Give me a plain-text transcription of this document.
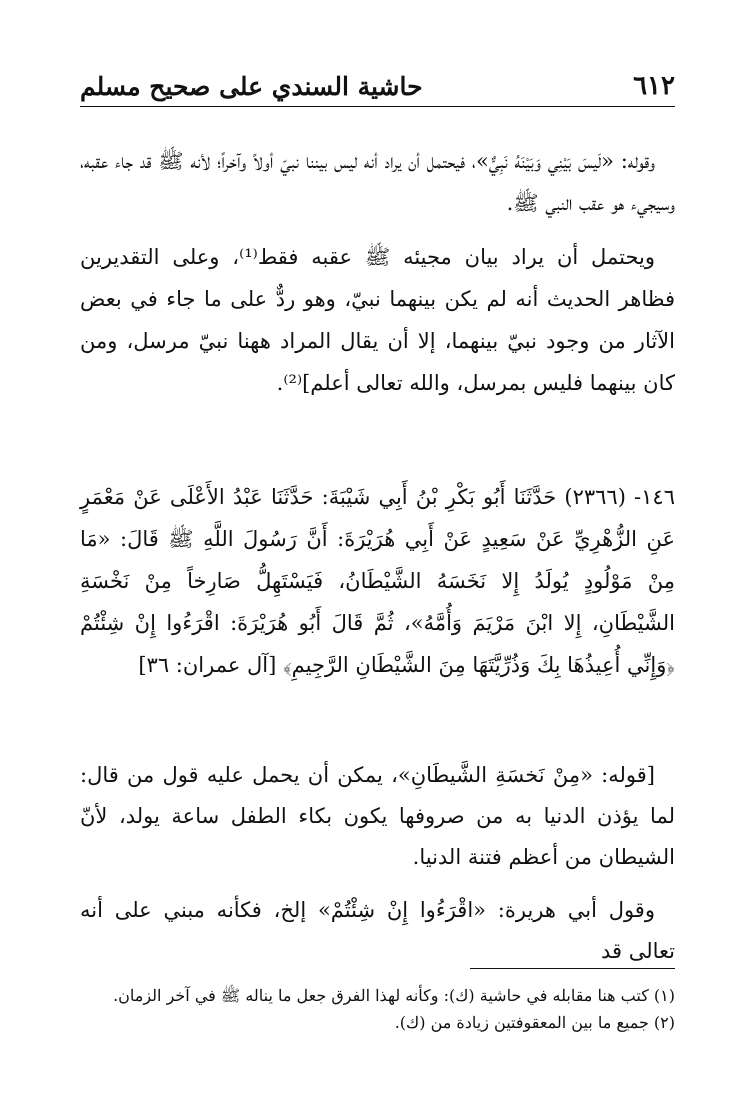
٦١٢
حاشية السندي على صحيح مسلم

وقوله: «لَيسَ بَيْنِي وَبَيْنَهُ نَبِيٌّ»، فيحتمل أن يراد أنه ليس بيننا نبيّ أولاً وآخراً؛ لأنه ﷺ قد جاء عقبه، وسيجيء هو عقب النبي ﷺ.

ويحتمل أن يراد بيان مجيئه ﷺ عقبه فقط⁽¹⁾، وعلى التقديرين فظاهر الحديث أنه لم يكن بينهما نبيّ، وهو ردٌّ على ما جاء في بعض الآثار من وجود نبيّ بينهما، إلا أن يقال المراد ههنا نبيّ مرسل، ومن كان بينهما فليس بمرسل، والله تعالى أعلم]⁽²⁾.

١٤٦- (٢٣٦٦) حَدَّثَنَا أَبُو بَكْرِ بْنُ أَبِي شَيْبَةَ: حَدَّثَنَا عَبْدُ الأَعْلَى عَنْ مَعْمَرٍ عَنِ الزُّهْرِيِّ عَنْ سَعِيدٍ عَنْ أَبِي هُرَيْرَةَ: أَنَّ رَسُولَ اللَّهِ ﷺ قَالَ: «مَا مِنْ مَوْلُودٍ يُولَدُ إِلا نَخَسَهُ الشَّيْطَانُ، فَيَسْتَهِلُّ صَارِخاً مِنْ نَخْسَةِ الشَّيْطَانِ، إِلا ابْنَ مَرْيَمَ وَأُمَّهُ»، ثُمَّ قَالَ أَبُو هُرَيْرَةَ: اقْرَءُوا إِنْ شِئْتُمْ ﴿وَإِنِّي أُعِيذُهَا بِكَ وَذُرِّيَّتَهَا مِنَ الشَّيْطَانِ الرَّجِيمِ﴾ [آل عمران: ٣٦]

[قوله: «مِنْ نَخسَةِ الشَّيطَانِ»، يمكن أن يحمل عليه قول من قال: لما يؤذن الدنيا به من صروفها يكون بكاء الطفل ساعة يولد، لأنّ الشيطان من أعظم فتنة الدنيا.

وقول أبي هريرة: «اقْرَءُوا إِنْ شِئْتُمْ» إلخ، فكأنه مبني على أنه تعالى قد

(١) كتب هنا مقابله في حاشية (ك): وكأنه لهذا الفرق جعل ما يناله ﷺ في آخر الزمان.

(٢) جميع ما بين المعقوفتين زيادة من (ك).
